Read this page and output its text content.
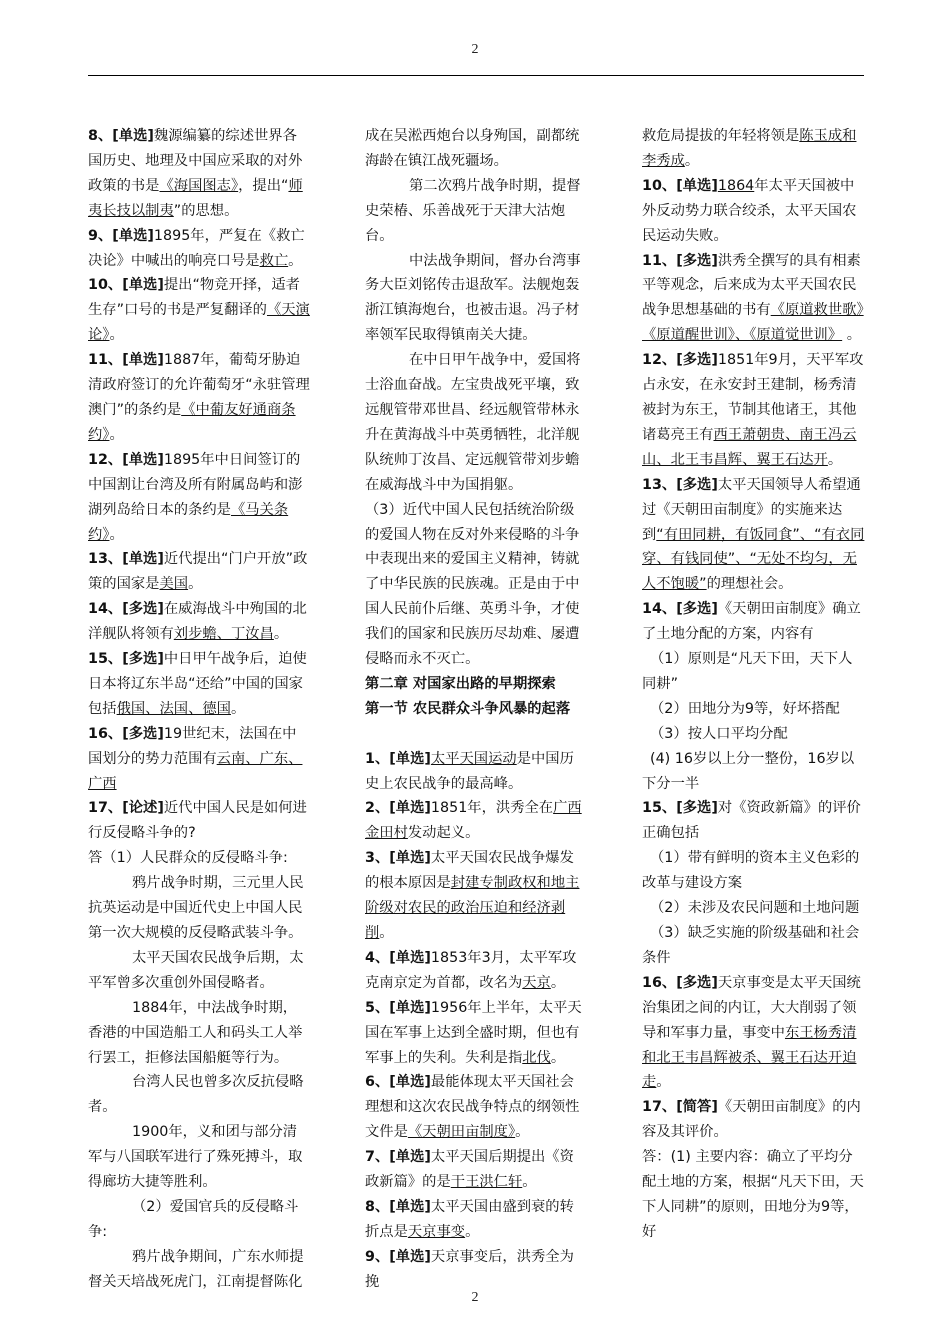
2

8、[单选]魏源编纂的综述世界各国历史、地理及中国应采取的对外政策的书是《海国图志》，提出“师夷长技以制夷”的思想。

9、[单选]1895年，严复在《救亡决论》中喊出的响亮口号是救亡。

10、[单选]提出“物竞开择，适者生存”口号的书是严复翻译的《天演论》。

11、[单选]1887年，葡萄牙胁迫清政府签订的允许葡萄牙“永驻管理澳门”的条约是《中葡友好通商条约》。

12、[单选]1895年中日间签订的中国割让台湾及所有附属岛屿和澎湖列岛给日本的条约是《马关条约》。

13、[单选]近代提出“门户开放”政策的国家是美国。

14、[多选]在威海战斗中殉国的北洋舰队将领有刘步蟾、丁汝昌。

15、[多选]中日甲午战争后，迫使日本将辽东半岛“还给”中国的国家包括俄国、法国、德国。

16、[多选]19世纪末，法国在中国划分的势力范围有云南、广东、广西

17、[论述]近代中国人民是如何进行反侵略斗争的?

答（1）人民群众的反侵略斗争:

鸦片战争时期，三元里人民抗英运动是中国近代史上中国人民第一次大规模的反侵略武装斗争。

太平天国农民战争后期，太平军曾多次重创外国侵略者。

1884年，中法战争时期，香港的中国造船工人和码头工人举行罢工，拒修法国船艇等行为。

台湾人民也曾多次反抗侵略者。

1900年，义和团与部分清军与八国联军进行了殊死搏斗，取得廊坊大捷等胜利。

（2）爱国官兵的反侵略斗争:

鸦片战争期间，广东水师提督关天培战死虎门，江南提督陈化

成在吴淞西炮台以身殉国，副都统海龄在镇江战死疆场。

第二次鸦片战争时期，提督史荣椿、乐善战死于天津大沽炮台。

中法战争期间，督办台湾事务大臣刘铭传击退敌军。法舰炮轰浙江镇海炮台，也被击退。冯子材率领军民取得镇南关大捷。

在中日甲午战争中，爱国将士浴血奋战。左宝贵战死平壤，致远舰管带邓世昌、经远舰管带林永升在黄海战斗中英勇牺牲，北洋舰队统帅丁汝昌、定远舰管带刘步蟾在威海战斗中为国捐躯。

（3）近代中国人民包括统治阶级的爱国人物在反对外来侵略的斗争中表现出来的爱国主义精神，铸就了中华民族的民族魂。正是由于中国人民前仆后继、英勇斗争，才使我们的国家和民族历尽劫难、屡遭侵略而永不灭亡。

第二章 对国家出路的早期探索

第一节 农民群众斗争风暴的起落

1、[单选]太平天国运动是中国历史上农民战争的最高峰。

2、[单选]1851年，洪秀全在广西金田村发动起义。

3、[单选]太平天国农民战争爆发的根本原因是封建专制政权和地主阶级对农民的政治压迫和经济剥削。

4、[单选]1853年3月，太平军攻克南京定为首都，改名为天京。

5、[单选]1956年上半年，太平天国在军事上达到全盛时期，但也有军事上的失利。失利是指北伐。

6、[单选]最能体现太平天国社会理想和这次农民战争特点的纲领性文件是《天朝田亩制度》。

7、[单选]太平天国后期提出《资政新篇》的是干王洪仁轩。

8、[单选]太平天国由盛到衰的转折点是天京事变。

9、[单选]天京事变后，洪秀全为挽

救危局提拔的年轻将领是陈玉成和李秀成。

10、[单选]1864年太平天国被中外反动势力联合绞杀，太平天国农民运动失败。

11、[多选]洪秀全撰写的具有相素平等观念，后来成为太平天国农民战争思想基础的书有《原道救世歌》《原道醒世训》、《原道觉世训》 。

12、[多选]1851年9月，天平军攻占永安，在永安封王建制，杨秀清被封为东王，节制其他诸王，其他诸葛亮王有西王萧朝贵、南王冯云山、北王韦昌辉、翼王石达开。

13、[多选]太平天国领导人希望通过《天朝田亩制度》的实施来达到“有田同耕，有饭同食”、“有衣同穿、有钱同使”、“无处不均匀，无人不饱暖”的理想社会。

14、[多选]《天朝田亩制度》确立了土地分配的方案，内容有

（1）原则是“凡天下田，天下人同耕”

（2）田地分为9等，好坏搭配

（3）按人口平均分配

(4) 16岁以上分一整份，16岁以下分一半

15、[多选]对《资政新篇》的评价正确包括

（1）带有鲜明的资本主义色彩的改革与建设方案

（2）未涉及农民问题和土地问题

（3）缺乏实施的阶级基础和社会条件

16、[多选]天京事变是太平天国统治集团之间的内讧，大大削弱了领导和军事力量，事变中东王杨秀清和北王韦昌辉被杀、翼王石达开迫走。

17、[简答]《天朝田亩制度》的内容及其评价。

答：(1) 主要内容：确立了平均分配土地的方案，根据“凡天下田，天下人同耕”的原则，田地分为9等，好

2
